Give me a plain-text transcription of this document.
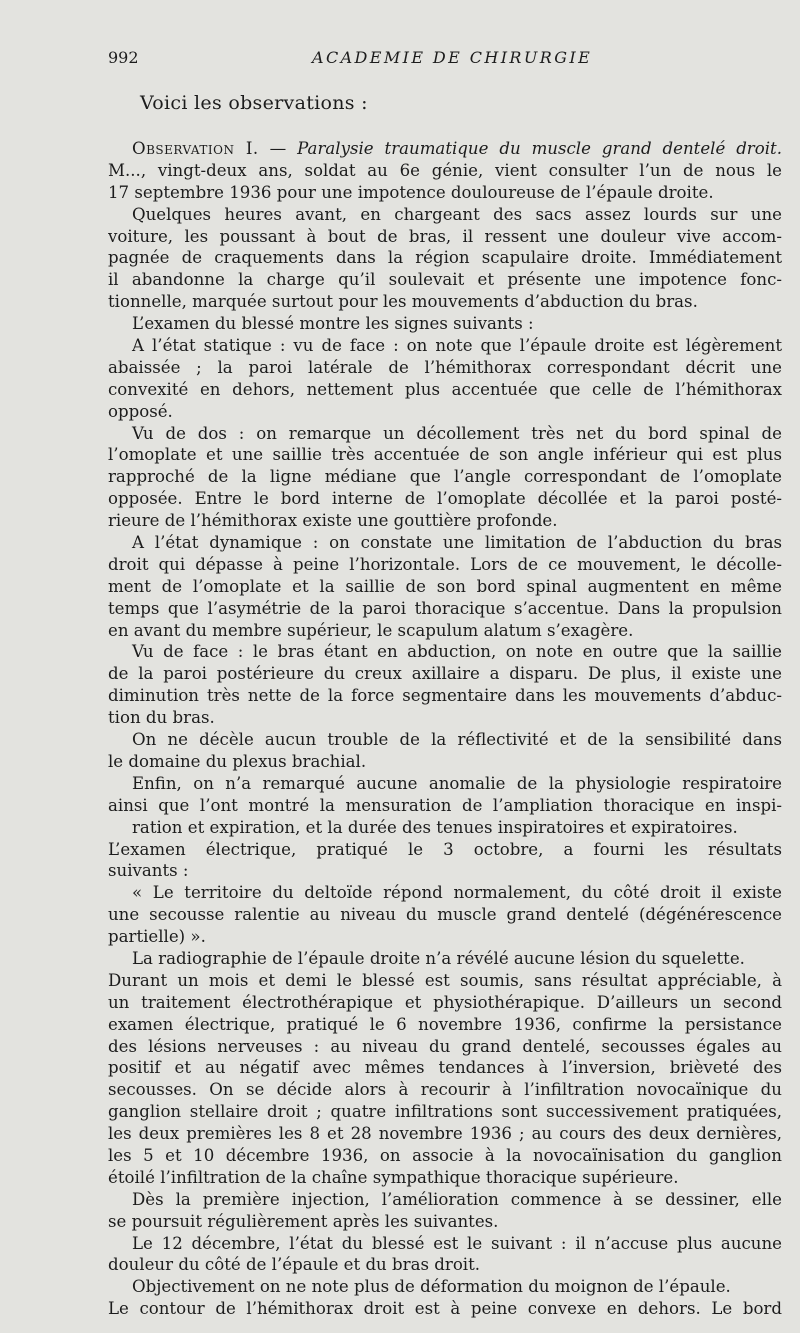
992	ACADEMIE DE CHIRURGIE

Voici les observations :

Observation I. — Paralysie traumatique du muscle grand dentelé droit.
M..., vingt-deux ans, soldat au 6e génie, vient consulter l’un de nous le
17 septembre 1936 pour une impotence douloureuse de l’épaule droite.
Quelques heures avant, en chargeant des sacs assez lourds sur une
voiture, les poussant à bout de bras, il ressent une douleur vive accom-
pagnée de craquements dans la région scapulaire droite. Immédiatement
il abandonne la charge qu’il soulevait et présente une impotence fonc-
tionnelle, marquée surtout pour les mouvements d’abduction du bras.
L’examen du blessé montre les signes suivants :
A l’état statique : vu de face : on note que l’épaule droite est légèrement
abaissée ; la paroi latérale de l’hémithorax correspondant décrit une
convexité en dehors, nettement plus accentuée que celle de l’hémithorax
opposé.
Vu de dos : on remarque un décollement très net du bord spinal de
l’omoplate et une saillie très accentuée de son angle inférieur qui est plus
rapproché de la ligne médiane que l’angle correspondant de l’omoplate
opposée. Entre le bord interne de l’omoplate décollée et la paroi posté-
rieure de l’hémithorax existe une gouttière profonde.
A l’état dynamique : on constate une limitation de l’abduction du bras
droit qui dépasse à peine l’horizontale. Lors de ce mouvement, le décolle-
ment de l’omoplate et la saillie de son bord spinal augmentent en même
temps que l’asymétrie de la paroi thoracique s’accentue. Dans la propulsion
en avant du membre supérieur, le scapulum alatum s’exagère.
Vu de face : le bras étant en abduction, on note en outre que la saillie
de la paroi postérieure du creux axillaire a disparu. De plus, il existe une
diminution très nette de la force segmentaire dans les mouvements d’abduc-
tion du bras.
On ne décèle aucun trouble de la réflectivité et de la sensibilité dans
le domaine du plexus brachial.
Enfin, on n’a remarqué aucune anomalie de la physiologie respiratoire
ainsi que l’ont montré la mensuration de l’ampliation thoracique en inspi-
ration et expiration, et la durée des tenues inspiratoires et expiratoires.
L’examen électrique, pratiqué le 3 octobre, a fourni les résultats
suivants :
« Le territoire du deltoïde répond normalement, du côté droit il existe
une secousse ralentie au niveau du muscle grand dentelé (dégénérescence
partielle) ».
La radiographie de l’épaule droite n’a révélé aucune lésion du squelette.
Durant un mois et demi le blessé est soumis, sans résultat appréciable, à
un traitement électrothérapique et physiothérapique. D’ailleurs un second
examen électrique, pratiqué le 6 novembre 1936, confirme la persistance
des lésions nerveuses : au niveau du grand dentelé, secousses égales au
positif et au négatif avec mêmes tendances à l’inversion, brièveté des
secousses. On se décide alors à recourir à l’infiltration novocaïnique du
ganglion stellaire droit ; quatre infiltrations sont successivement pratiquées,
les deux premières les 8 et 28 novembre 1936 ; au cours des deux dernières,
les 5 et 10 décembre 1936, on associe à la novocaïnisation du ganglion
étoilé l’infiltration de la chaîne sympathique thoracique supérieure.
Dès la première injection, l’amélioration commence à se dessiner, elle
se poursuit régulièrement après les suivantes.
Le 12 décembre, l’état du blessé est le suivant : il n’accuse plus aucune
douleur du côté de l’épaule et du bras droit.
Objectivement on ne note plus de déformation du moignon de l’épaule.
Le contour de l’hémithorax droit est à peine convexe en dehors. Le bord
